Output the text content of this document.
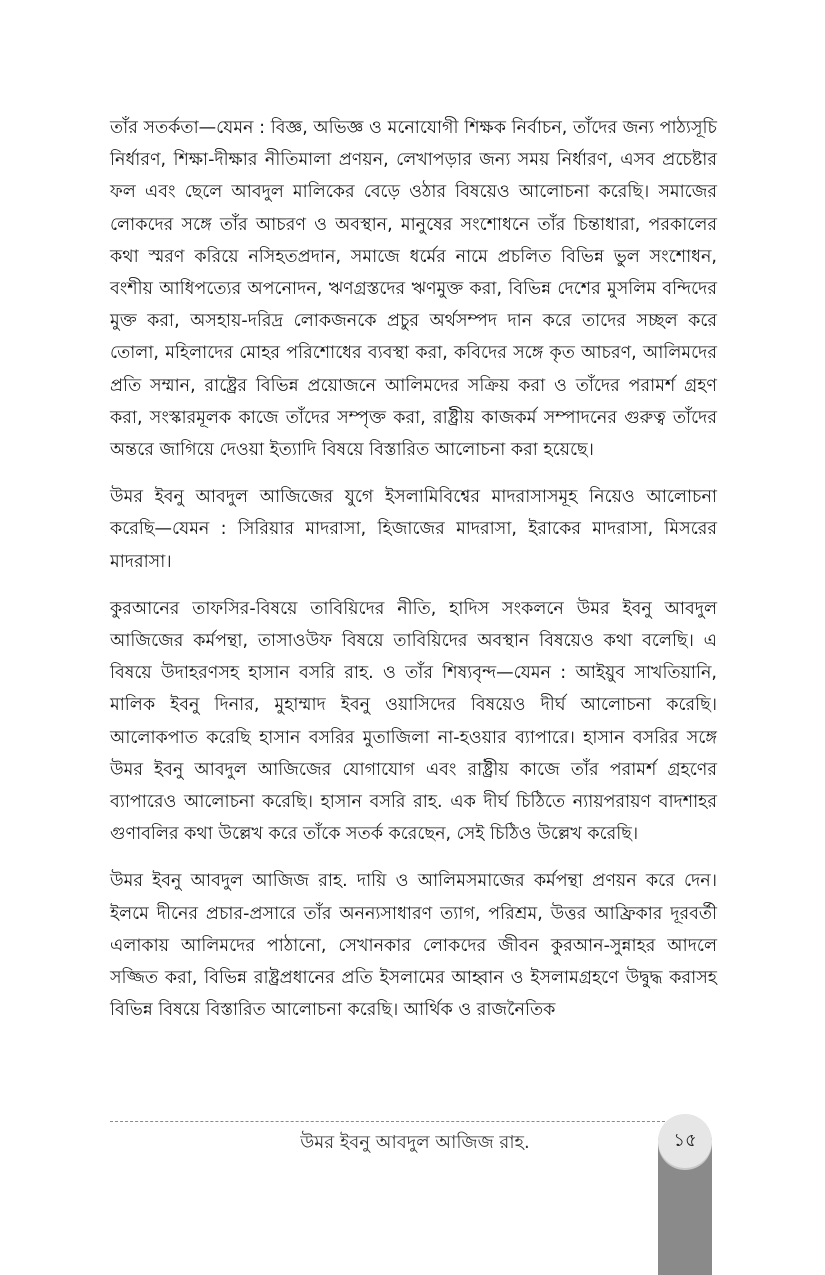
তাঁর সতর্কতা—যেমন : বিজ্ঞ, অভিজ্ঞ ও মনোযোগী শিক্ষক নির্বাচন, তাঁদের জন্য পাঠ্যসূচি নির্ধারণ, শিক্ষা-দীক্ষার নীতিমালা প্রণয়ন, লেখাপড়ার জন্য সময় নির্ধারণ, এসব প্রচেষ্টার ফল এবং ছেলে আবদুল মালিকের বেড়ে ওঠার বিষয়েও আলোচনা করেছি। সমাজের লোকদের সঙ্গে তাঁর আচরণ ও অবস্থান, মানুষের সংশোধনে তাঁর চিন্তাধারা, পরকালের কথা স্মরণ করিয়ে নসিহতপ্রদান, সমাজে ধর্মের নামে প্রচলিত বিভিন্ন ভুল সংশোধন, বংশীয় আধিপত্যের অপনোদন, ঋণগ্রস্তদের ঋণমুক্ত করা, বিভিন্ন দেশের মুসলিম বন্দিদের মুক্ত করা, অসহায়-দরিদ্র লোকজনকে প্রচুর অর্থসম্পদ দান করে তাদের সচ্ছল করে তোলা, মহিলাদের মোহর পরিশোধের ব্যবস্থা করা, কবিদের সঙ্গে কৃত আচরণ, আলিমদের প্রতি সম্মান, রাষ্ট্রের বিভিন্ন প্রয়োজনে আলিমদের সক্রিয় করা ও তাঁদের পরামর্শ গ্রহণ করা, সংস্কারমূলক কাজে তাঁদের সম্পৃক্ত করা, রাষ্ট্রীয় কাজকর্ম সম্পাদনের গুরুত্ব তাঁদের অন্তরে জাগিয়ে দেওয়া ইত্যাদি বিষয়ে বিস্তারিত আলোচনা করা হয়েছে।

উমর ইবনু আবদুল আজিজের যুগে ইসলামিবিশ্বের মাদরাসাসমূহ নিয়েও আলোচনা করেছি—যেমন : সিরিয়ার মাদরাসা, হিজাজের মাদরাসা, ইরাকের মাদরাসা, মিসরের মাদরাসা।

কুরআনের তাফসির-বিষয়ে তাবিয়িদের নীতি, হাদিস সংকলনে উমর ইবনু আবদুল আজিজের কর্মপন্থা, তাসাওউফ বিষয়ে তাবিয়িদের অবস্থান বিষয়েও কথা বলেছি। এ বিষয়ে উদাহরণসহ হাসান বসরি রাহ. ও তাঁর শিষ্যবৃন্দ—যেমন : আইয়ুব সাখতিয়ানি, মালিক ইবনু দিনার, মুহাম্মাদ ইবনু ওয়াসিদের বিষয়েও দীর্ঘ আলোচনা করেছি। আলোকপাত করেছি হাসান বসরির মুতাজিলা না-হওয়ার ব্যাপারে। হাসান বসরির সঙ্গে উমর ইবনু আবদুল আজিজের যোগাযোগ এবং রাষ্ট্রীয় কাজে তাঁর পরামর্শ গ্রহণের ব্যাপারেও আলোচনা করেছি। হাসান বসরি রাহ. এক দীর্ঘ চিঠিতে ন্যায়পরায়ণ বাদশাহর গুণাবলির কথা উল্লেখ করে তাঁকে সতর্ক করেছেন, সেই চিঠিও উল্লেখ করেছি।

উমর ইবনু আবদুল আজিজ রাহ. দায়ি ও আলিমসমাজের কর্মপন্থা প্রণয়ন করে দেন। ইলমে দীনের প্রচার-প্রসারে তাঁর অনন্যসাধারণ ত্যাগ, পরিশ্রম, উত্তর আফ্রিকার দূরবর্তী এলাকায় আলিমদের পাঠানো, সেখানকার লোকদের জীবন কুরআন-সুন্নাহর আদলে সজ্জিত করা, বিভিন্ন রাষ্ট্রপ্রধানের প্রতি ইসলামের আহ্বান ও ইসলামগ্রহণে উদ্বুদ্ধ করাসহ বিভিন্ন বিষয়ে বিস্তারিত আলোচনা করেছি। আর্থিক ও রাজনৈতিক

উমর ইবনু আবদুল আজিজ রাহ.	১৫
